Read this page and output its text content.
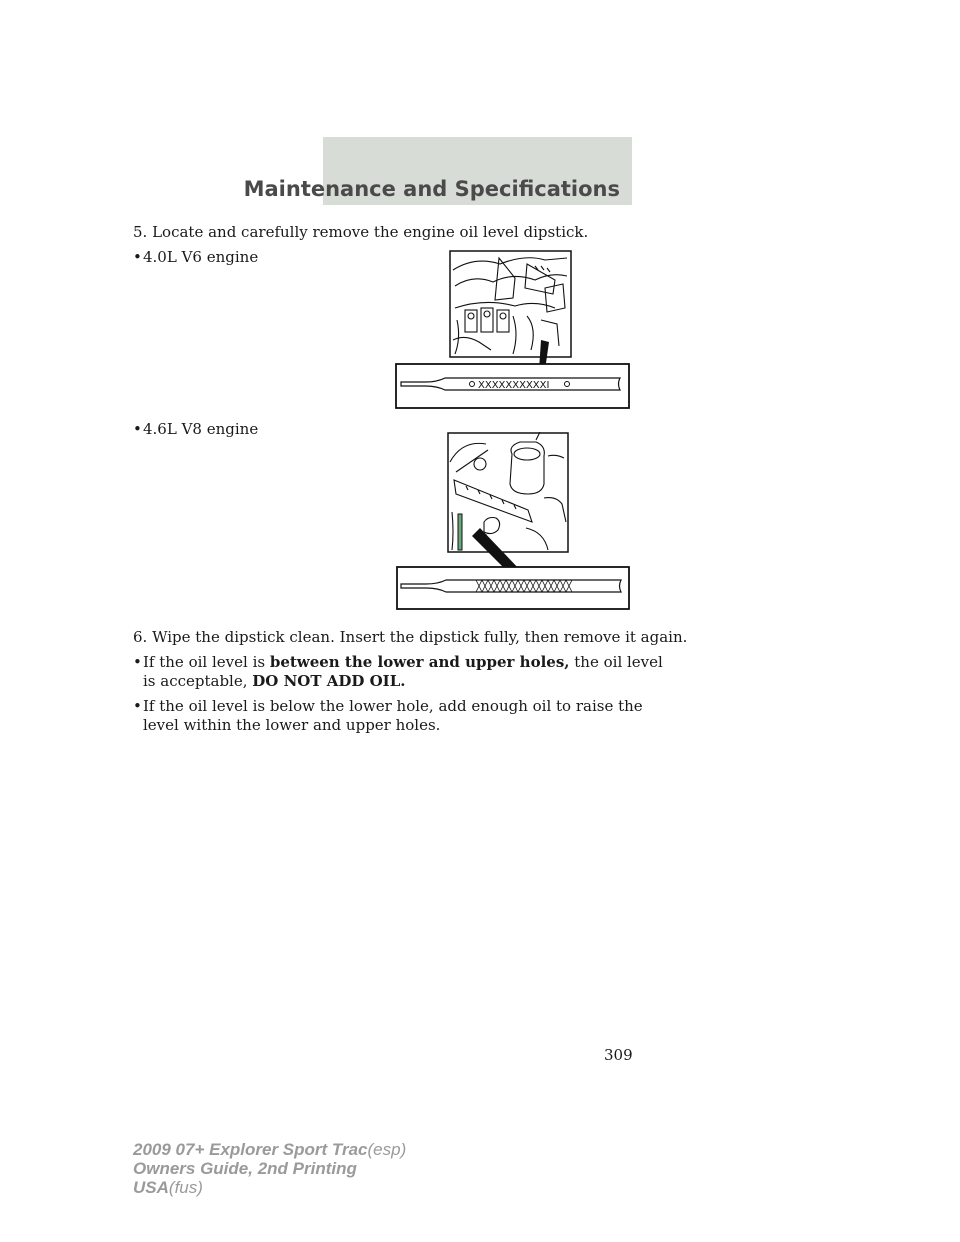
Maintenance and Specifications
5. Locate and carefully remove the engine oil level dipstick.
• 4.0L V6 engine
XXXXXXXXXXI
• 4.6L V8 engine
6. Wipe the dipstick clean. Insert the dipstick fully, then remove it again.
• If the oil level is between the lower and upper holes, the oil level
is acceptable, DO NOT ADD OIL.
• If the oil level is below the lower hole, add enough oil to raise the
level within the lower and upper holes.
309
2009 07+ Explorer Sport Trac(esp)
Owners Guide, 2nd Printing
USA(fus)
